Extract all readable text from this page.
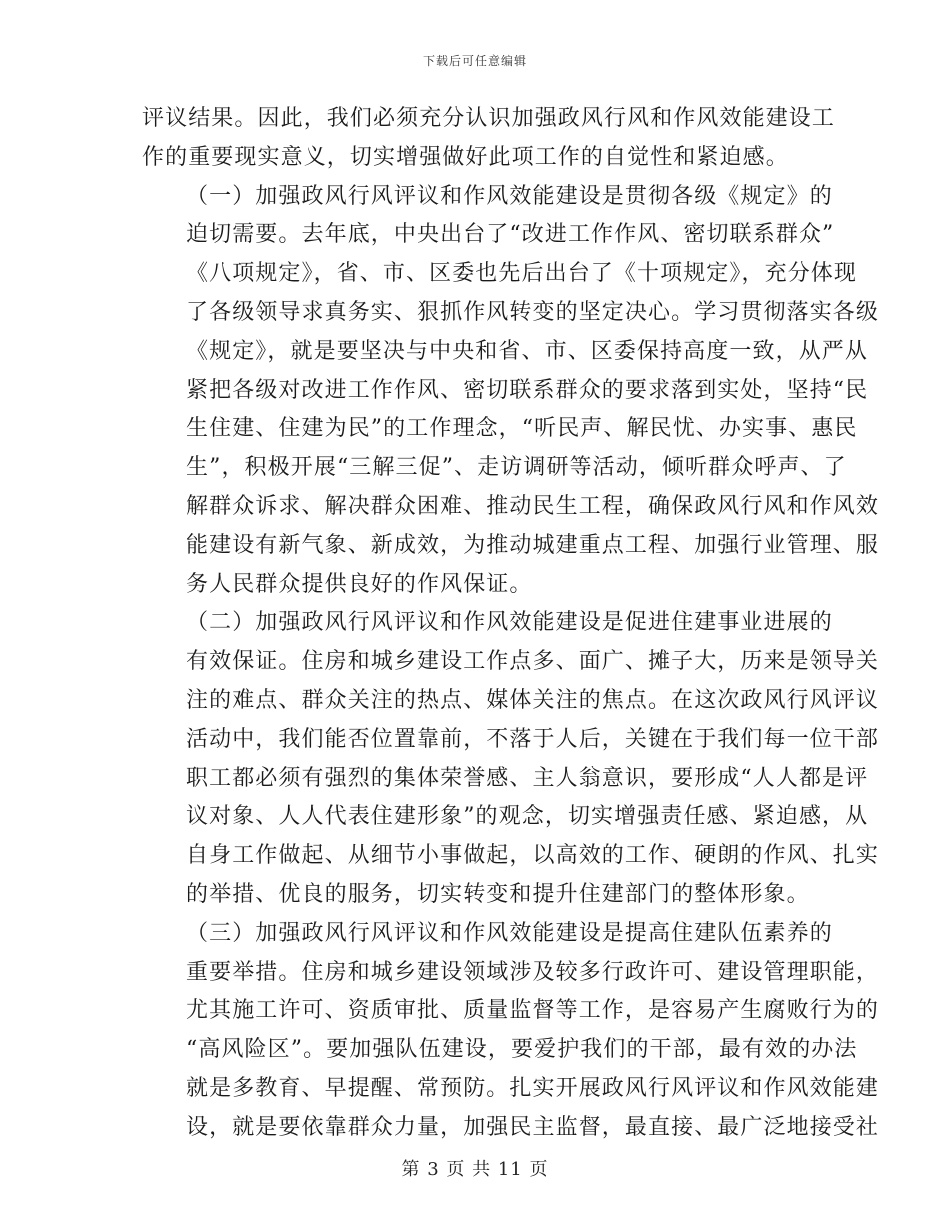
下载后可任意编辑
评议结果。因此，我们必须充分认识加强政风行风和作风效能建设工
作的重要现实意义，切实增强做好此项工作的自觉性和紧迫感。
（一）加强政风行风评议和作风效能建设是贯彻各级《规定》的
迫切需要。去年底，中央出台了“改进工作作风、密切联系群众”
《八项规定》，省、市、区委也先后出台了《十项规定》，充分体现
了各级领导求真务实、狠抓作风转变的坚定决心。学习贯彻落实各级
《规定》，就是要坚决与中央和省、市、区委保持高度一致，从严从
紧把各级对改进工作作风、密切联系群众的要求落到实处，坚持“民
生住建、住建为民”的工作理念，“听民声、解民忧、办实事、惠民
生”，积极开展“三解三促”、走访调研等活动，倾听群众呼声、了
解群众诉求、解决群众困难、推动民生工程，确保政风行风和作风效
能建设有新气象、新成效，为推动城建重点工程、加强行业管理、服
务人民群众提供良好的作风保证。
（二）加强政风行风评议和作风效能建设是促进住建事业进展的
有效保证。住房和城乡建设工作点多、面广、摊子大，历来是领导关
注的难点、群众关注的热点、媒体关注的焦点。在这次政风行风评议
活动中，我们能否位置靠前，不落于人后，关键在于我们每一位干部
职工都必须有强烈的集体荣誉感、主人翁意识，要形成“人人都是评
议对象、人人代表住建形象”的观念，切实增强责任感、紧迫感，从
自身工作做起、从细节小事做起，以高效的工作、硬朗的作风、扎实
的举措、优良的服务，切实转变和提升住建部门的整体形象。
（三）加强政风行风评议和作风效能建设是提高住建队伍素养的
重要举措。住房和城乡建设领域涉及较多行政许可、建设管理职能，
尤其施工许可、资质审批、质量监督等工作，是容易产生腐败行为的
“高风险区”。要加强队伍建设，要爱护我们的干部，最有效的办法
就是多教育、早提醒、常预防。扎实开展政风行风评议和作风效能建
设，就是要依靠群众力量，加强民主监督，最直接、最广泛地接受社
第 3 页 共 11 页
